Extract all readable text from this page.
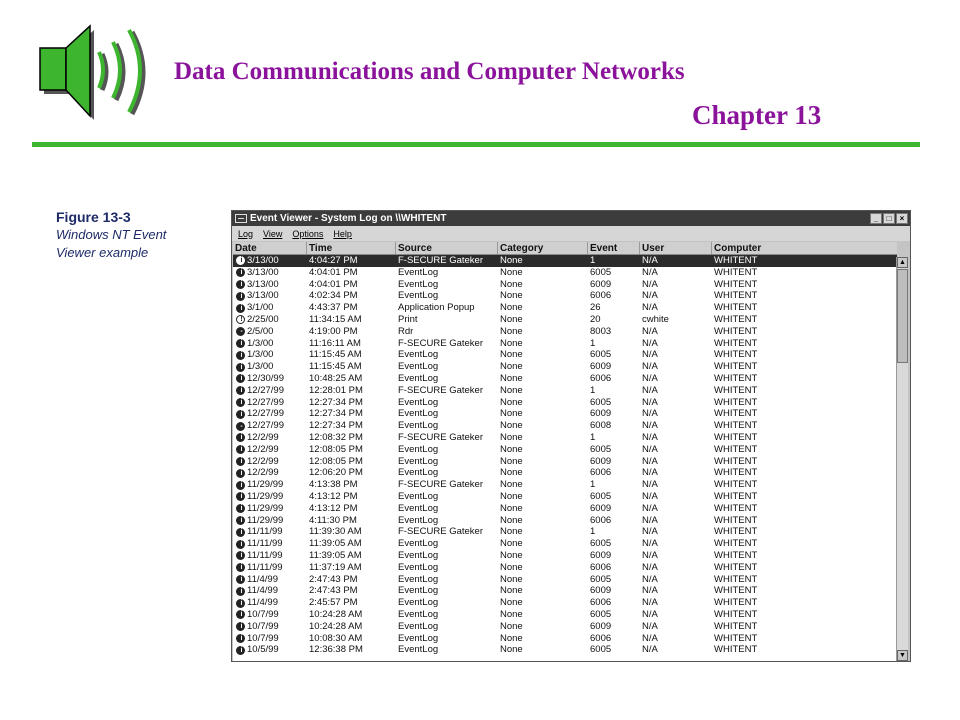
Data Communications and Computer Networks
Chapter 13
Figure 13-3
Windows NT Event Viewer example
Event Viewer - System Log on \\WHITENT	_	□	×
Log View Options Help
Date	Time	Source	Category	Event	User	Computer
i 3/13/00	4:04:27 PM	F-SECURE Gateker	None	1	N/A	WHITENT
i 3/13/00	4:04:01 PM	EventLog	None	6005	N/A	WHITENT
i 3/13/00	4:04:01 PM	EventLog	None	6009	N/A	WHITENT
i 3/13/00	4:02:34 PM	EventLog	None	6006	N/A	WHITENT
i 3/1/00	4:43:37 PM	Application Popup	None	26	N/A	WHITENT
! 2/25/00	11:34:15 AM	Print	None	20	cwhite	WHITENT
- 2/5/00	4:19:00 PM	Rdr	None	8003	N/A	WHITENT
i 1/3/00	11:16:11 AM	F-SECURE Gateker	None	1	N/A	WHITENT
i 1/3/00	11:15:45 AM	EventLog	None	6005	N/A	WHITENT
i 1/3/00	11:15:45 AM	EventLog	None	6009	N/A	WHITENT
i 12/30/99	10:48:25 AM	EventLog	None	6006	N/A	WHITENT
i 12/27/99	12:28:01 PM	F-SECURE Gateker	None	1	N/A	WHITENT
i 12/27/99	12:27:34 PM	EventLog	None	6005	N/A	WHITENT
i 12/27/99	12:27:34 PM	EventLog	None	6009	N/A	WHITENT
- 12/27/99	12:27:34 PM	EventLog	None	6008	N/A	WHITENT
i 12/2/99	12:08:32 PM	F-SECURE Gateker	None	1	N/A	WHITENT
i 12/2/99	12:08:05 PM	EventLog	None	6005	N/A	WHITENT
i 12/2/99	12:08:05 PM	EventLog	None	6009	N/A	WHITENT
i 12/2/99	12:06:20 PM	EventLog	None	6006	N/A	WHITENT
i 11/29/99	4:13:38 PM	F-SECURE Gateker	None	1	N/A	WHITENT
i 11/29/99	4:13:12 PM	EventLog	None	6005	N/A	WHITENT
i 11/29/99	4:13:12 PM	EventLog	None	6009	N/A	WHITENT
i 11/29/99	4:11:30 PM	EventLog	None	6006	N/A	WHITENT
i 11/11/99	11:39:30 AM	F-SECURE Gateker	None	1	N/A	WHITENT
i 11/11/99	11:39:05 AM	EventLog	None	6005	N/A	WHITENT
i 11/11/99	11:39:05 AM	EventLog	None	6009	N/A	WHITENT
i 11/11/99	11:37:19 AM	EventLog	None	6006	N/A	WHITENT
i 11/4/99	2:47:43 PM	EventLog	None	6005	N/A	WHITENT
i 11/4/99	2:47:43 PM	EventLog	None	6009	N/A	WHITENT
i 11/4/99	2:45:57 PM	EventLog	None	6006	N/A	WHITENT
i 10/7/99	10:24:28 AM	EventLog	None	6005	N/A	WHITENT
i 10/7/99	10:24:28 AM	EventLog	None	6009	N/A	WHITENT
i 10/7/99	10:08:30 AM	EventLog	None	6006	N/A	WHITENT
i 10/5/99	12:36:38 PM	EventLog	None	6005	N/A	WHITENT
▲
▼
